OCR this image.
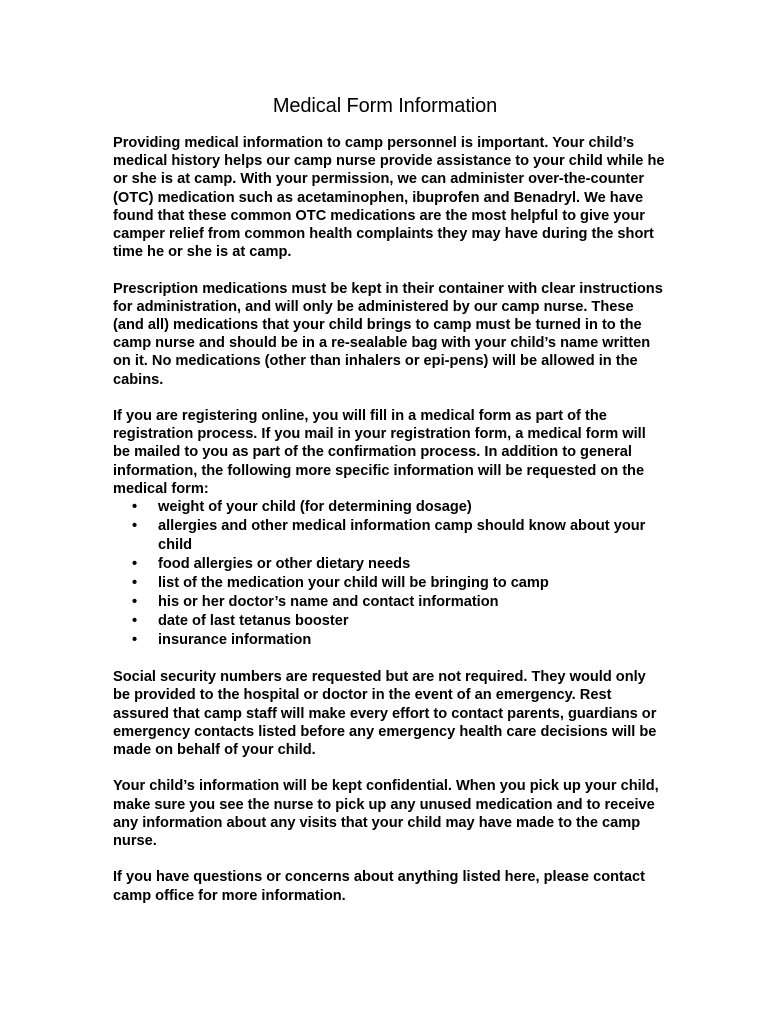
Medical Form Information

Providing medical information to camp personnel is important. Your child’s medical history helps our camp nurse provide assistance to your child while he or she is at camp. With your permission, we can administer over-the-counter (OTC) medication such as acetaminophen, ibuprofen and Benadryl. We have found that these common OTC medications are the most helpful to give your camper relief from common health complaints they may have during the short time he or she is at camp.

Prescription medications must be kept in their container with clear instructions for administration, and will only be administered by our camp nurse. These (and all) medications that your child brings to camp must be turned in to the camp nurse and should be in a re-sealable bag with your child’s name written on it. No medications (other than inhalers or epi-pens) will be allowed in the cabins.

If you are registering online, you will fill in a medical form as part of the registration process. If you mail in your registration form, a medical form will be mailed to you as part of the confirmation process. In addition to general information, the following more specific information will be requested on the medical form:

• weight of your child (for determining dosage)
• allergies and other medical information camp should know about your child
• food allergies or other dietary needs
• list of the medication your child will be bringing to camp
• his or her doctor’s name and contact information
• date of last tetanus booster
• insurance information

Social security numbers are requested but are not required. They would only be provided to the hospital or doctor in the event of an emergency. Rest assured that camp staff will make every effort to contact parents, guardians or emergency contacts listed before any emergency health care decisions will be made on behalf of your child.

Your child’s information will be kept confidential. When you pick up your child, make sure you see the nurse to pick up any unused medication and to receive any information about any visits that your child may have made to the camp nurse.

If you have questions or concerns about anything listed here, please contact camp office for more information.
